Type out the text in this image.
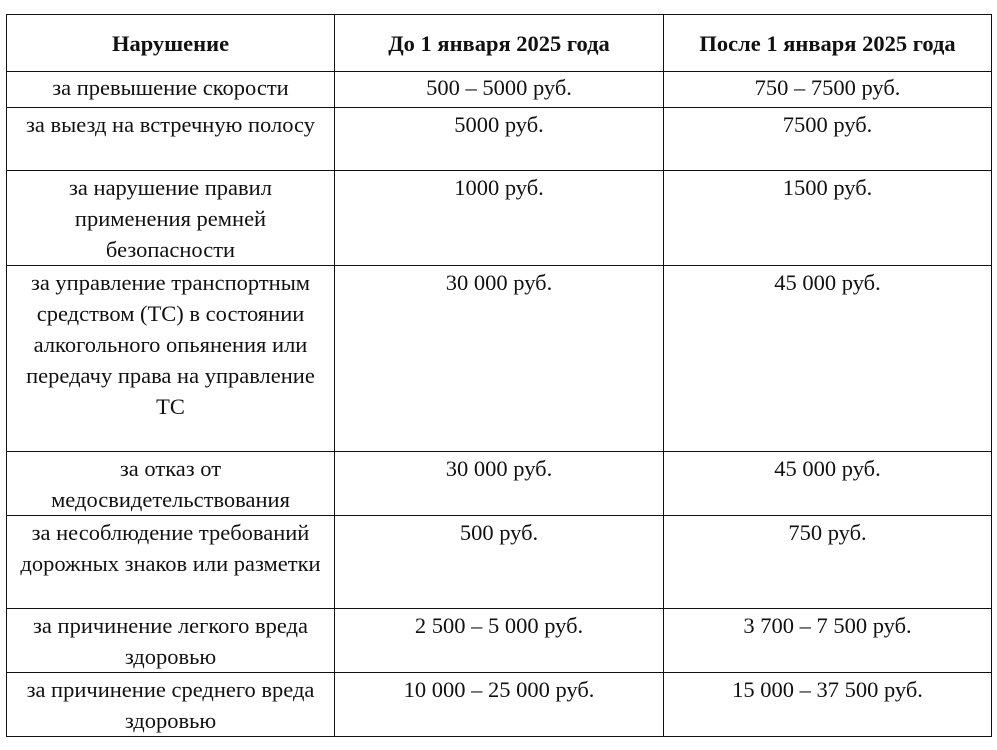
Нарушение	До 1 января 2025 года	После 1 января 2025 года
за превышение скорости	500 – 5000 руб.	750 – 7500 руб.
за выезд на встречную полосу	5000 руб.	7500 руб.
за нарушение правил применения ремней безопасности	1000 руб.	1500 руб.
за управление транспортным средством (ТС) в состоянии алкогольного опьянения или передачу права на управление ТС	30 000 руб.	45 000 руб.
за отказ от медосвидетельствования	30 000 руб.	45 000 руб.
за несоблюдение требований дорожных знаков или разметки	500 руб.	750 руб.
за причинение легкого вреда здоровью	2 500 – 5 000 руб.	3 700 – 7 500 руб.
за причинение среднего вреда здоровью	10 000 – 25 000 руб.	15 000 – 37 500 руб.
